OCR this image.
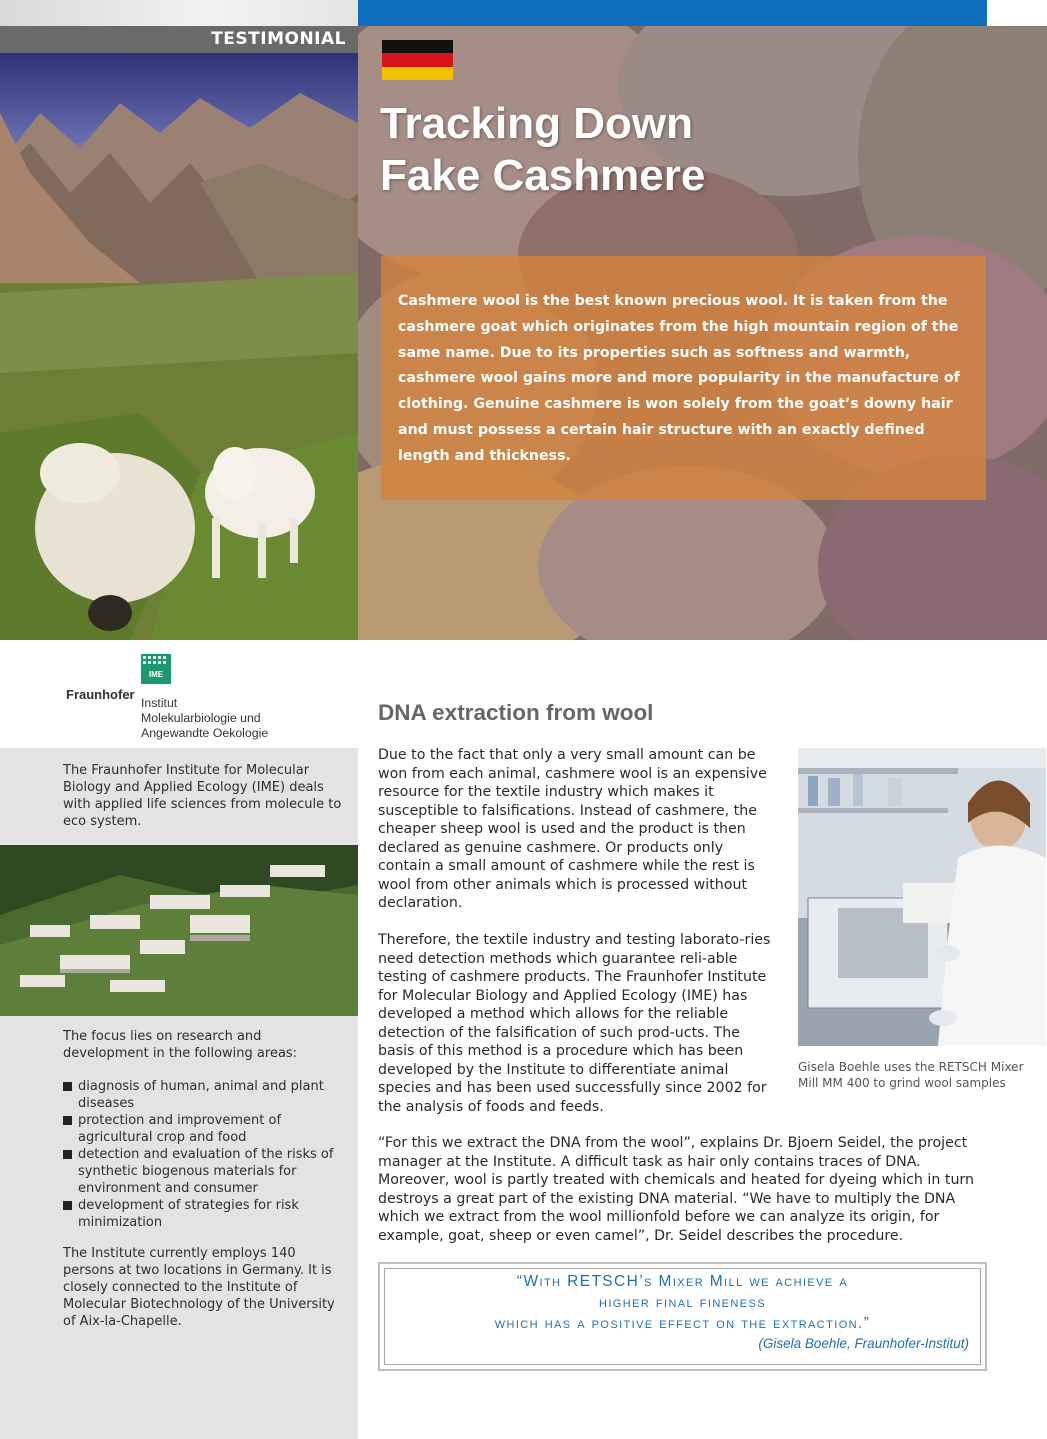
TESTIMONIAL
Tracking Down
Fake Cashmere

Cashmere wool is the best known precious wool. It is taken from the cashmere goat which originates from the high mountain region of the same name. Due to its properties such as softness and warmth, cashmere wool gains more and more popularity in the manufacture of clothing. Genuine cashmere is won solely from the goat’s downy hair and must possess a certain hair structure with an exactly defined length and thickness.

IME
Fraunhofer
Institut
Molekularbiologie und
Angewandte Oekologie
The Fraunhofer Institute for Molecular Biology and Applied Ecology (IME) deals with applied life sciences from molecule to eco system.

The focus lies on research and development in the following areas:

diagnosis of human, animal and plant diseases
protection and improvement of agricultural crop and food
detection and evaluation of the risks of synthetic biogenous materials for environment and consumer
development of strategies for risk minimization

The Institute currently employs 140 persons at two locations in Germany. It is closely connected to the Institute of Molecular Biotechnology of the University of Aix-la-Chapelle.

DNA extraction from wool

Due to the fact that only a very small amount can be won from each animal, cashmere wool is an expensive resource for the textile industry which makes it susceptible to falsifications. Instead of cashmere, the cheaper sheep wool is used and the product is then declared as genuine cashmere. Or products only contain a small amount of cashmere while the rest is wool from other animals which is processed without declaration.

Therefore, the textile industry and testing laborato-ries need detection methods which guarantee reli-able testing of cashmere products. The Fraunhofer Institute for Molecular Biology and Applied Ecology (IME) has developed a method which allows for the reliable detection of the falsification of such prod-ucts. The basis of this method is a procedure which has been developed by the Institute to differentiate animal species and has been used successfully since 2002 for the analysis of foods and feeds.

Gisela Boehle uses the RETSCH Mixer Mill MM 400 to grind wool samples

“For this we extract the DNA from the wool”, explains Dr. Bjoern Seidel, the project manager at the Institute. A difficult task as hair only contains traces of DNA. Moreover, wool is partly treated with chemicals and heated for dyeing which in turn destroys a great part of the existing DNA material. “We have to multiply the DNA which we extract from the wool millionfold before we can analyze its origin, for example, goat, sheep or even camel”, Dr. Seidel describes the procedure.

“With RETSCH’s Mixer Mill we achieve a
higher final fineness
which has a positive effect on the extraction.”
(Gisela Boehle, Fraunhofer-Institut)
